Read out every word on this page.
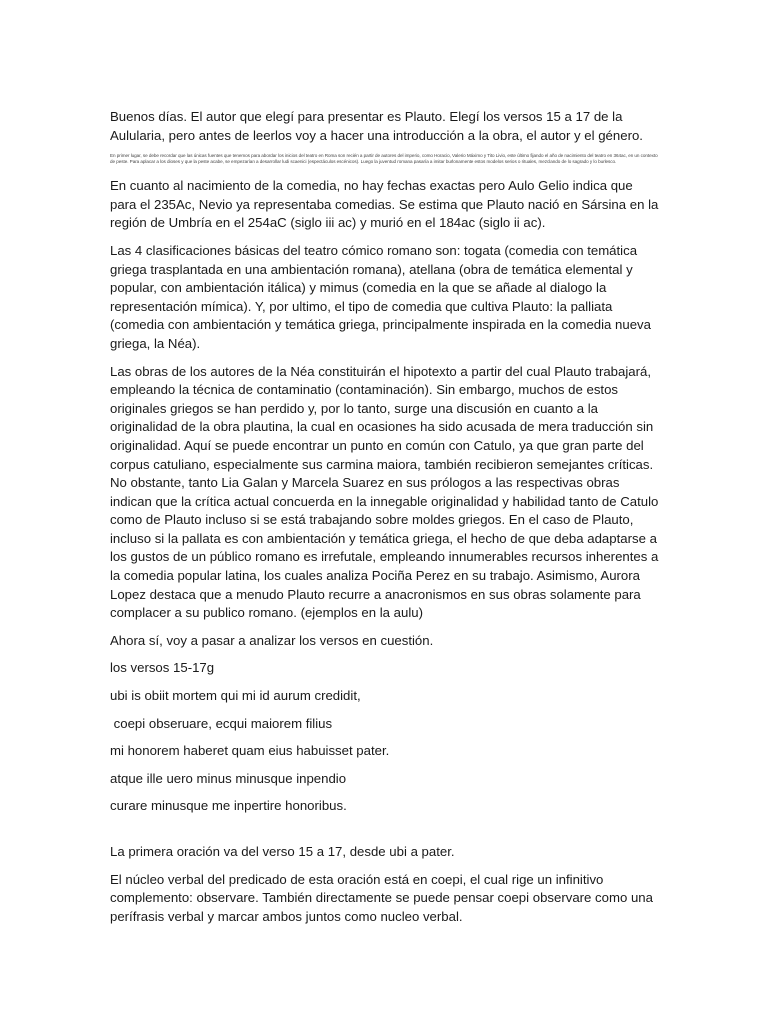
Buenos días. El autor que elegí para presentar es Plauto. Elegí los versos 15 a 17 de la Aulularia, pero antes de leerlos voy a hacer una introducción a la obra, el autor y el género.

En primer lugar, se debe recordar que las únicas fuentes que tenemos para abordar los inicios del teatro en Roma son recién a partir de autores del imperio, como Horacio, Valerio Máximo y Tito Livio, este último fijando el año de nacimiento del teatro en 364ac, en un contexto de peste. Para aplacar a los dioses y que la peste acabe, se empezarían a desarrollar ludi scaenici (espectáculos escénicos). Luego la juventud romana pasaría a imitar burlonamente estos modelos serios o rituales, mezclando de lo sagrado y lo burlesco.

En cuanto al nacimiento de la comedia, no hay fechas exactas pero Aulo Gelio indica que para el 235Ac, Nevio ya representaba comedias. Se estima que Plauto nació en Sársina en la región de Umbría en el 254aC (siglo iii ac) y murió en el 184ac (siglo ii ac).

Las 4 clasificaciones básicas del teatro cómico romano son: togata (comedia con temática griega trasplantada en una ambientación romana), atellana (obra de temática elemental y popular, con ambientación itálica) y mimus (comedia en la que se añade al dialogo la representación mímica). Y, por ultimo, el tipo de comedia que cultiva Plauto: la palliata (comedia con ambientación y temática griega, principalmente inspirada en la comedia nueva griega, la Néa).

Las obras de los autores de la Néa constituirán el hipotexto a partir del cual Plauto trabajará, empleando la técnica de contaminatio (contaminación). Sin embargo, muchos de estos originales griegos se han perdido y, por lo tanto, surge una discusión en cuanto a la originalidad de la obra plautina, la cual en ocasiones ha sido acusada de mera traducción sin originalidad. Aquí se puede encontrar un punto en común con Catulo, ya que gran parte del corpus catuliano, especialmente sus carmina maiora, también recibieron semejantes críticas. No obstante, tanto Lia Galan y Marcela Suarez en sus prólogos a las respectivas obras indican que la crítica actual concuerda en la innegable originalidad y habilidad tanto de Catulo como de Plauto incluso si se está trabajando sobre moldes griegos. En el caso de Plauto, incluso si la pallata es con ambientación y temática griega, el hecho de que deba adaptarse a los gustos de un público romano es irrefutale, empleando innumerables recursos inherentes a la comedia popular latina, los cuales analiza Pociña Perez en su trabajo. Asimismo, Aurora Lopez destaca que a menudo Plauto recurre a anacronismos en sus obras solamente para complacer a su publico romano. (ejemplos en la aulu)

Ahora sí, voy a pasar a analizar los versos en cuestión.

los versos 15-17g

ubi is obiit mortem qui mi id aurum credidit,

coepi obseruare, ecqui maiorem filius

mi honorem haberet quam eius habuisset pater.

atque ille uero minus minusque inpendio

curare minusque me inpertire honoribus.

La primera oración va del verso 15 a 17, desde ubi a pater.

El núcleo verbal del predicado de esta oración está en coepi, el cual rige un infinitivo complemento: observare. También directamente se puede pensar coepi observare como una perífrasis verbal y marcar ambos juntos como nucleo verbal.
